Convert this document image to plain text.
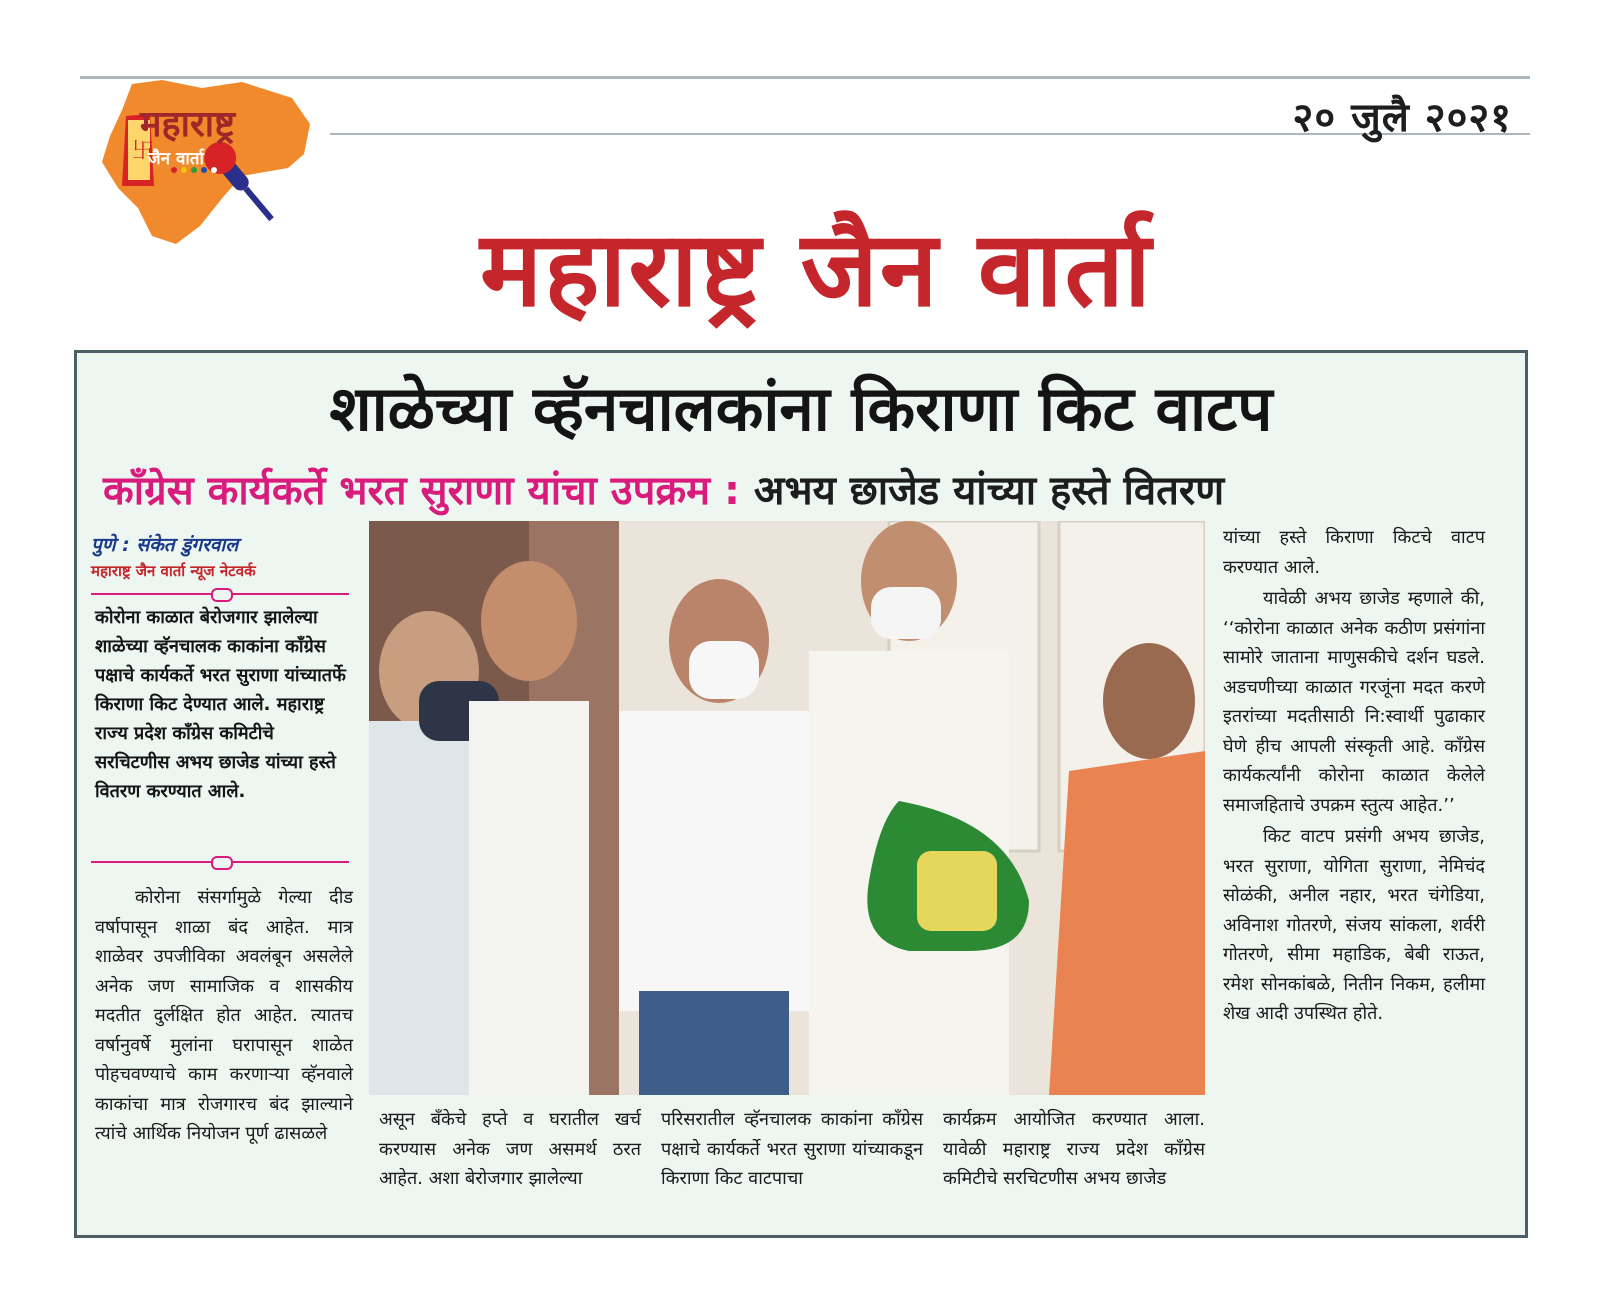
卐
महाराष्ट्र
जैन वार्ता
२० जुलै २०२१
महाराष्ट्र जैन वार्ता
शाळेच्या व्हॅनचालकांना किराणा किट वाटप
काँग्रेस कार्यकर्ते भरत सुराणा यांचा उपक्रम : अभय छाजेड यांच्या हस्ते वितरण
पुणे : संकेत डुंगरवाल
महाराष्ट्र जैन वार्ता न्यूज नेटवर्क
कोरोना काळात बेरोजगार झालेल्या शाळेच्या व्हॅनचालक काकांना काँग्रेस पक्षाचे कार्यकर्ते भरत सुराणा यांच्यातर्फे किराणा किट देण्यात आले. महाराष्ट्र राज्य प्रदेश काँग्रेस कमिटीचे सरचिटणीस अभय छाजेड यांच्या हस्ते वितरण करण्यात आले.
कोरोना संसर्गामुळे गेल्या दीड वर्षापासून शाळा बंद आहेत. मात्र शाळेवर उपजीविका अवलंबून असलेले अनेक जण सामाजिक व शासकीय मदतीत दुर्लक्षित होत आहेत. त्यातच वर्षानुवर्षे मुलांना घरापासून शाळेत पोहचवण्याचे काम करणाऱ्या व्हॅनवाले काकांचा मात्र रोजगारच बंद झाल्याने त्यांचे आर्थिक नियोजन पूर्ण ढासळले
असून बँकेचे हप्ते व घरातील खर्च करण्यास अनेक जण असमर्थ ठरत आहेत. अशा बेरोजगार झालेल्या
परिसरातील व्हॅनचालक काकांना काँग्रेस पक्षाचे कार्यकर्ते भरत सुराणा यांच्याकडून किराणा किट वाटपाचा
कार्यक्रम आयोजित करण्यात आला. यावेळी महाराष्ट्र राज्य प्रदेश काँग्रेस कमिटीचे सरचिटणीस अभय छाजेड

यांच्या हस्ते किराणा किटचे वाटप करण्यात आले.

यावेळी अभय छाजेड म्हणाले की, ‘‘कोरोना काळात अनेक कठीण प्रसंगांना सामोरे जाताना माणुसकीचे दर्शन घडले. अडचणीच्या काळात गरजूंना मदत करणे इतरांच्या मदतीसाठी नि:स्वार्थी पुढाकार घेणे हीच आपली संस्कृती आहे. काँग्रेस कार्यकर्त्यांनी कोरोना काळात केलेले समाजहिताचे उपक्रम स्तुत्य आहेत.’’

किट वाटप प्रसंगी अभय छाजेड, भरत सुराणा, योगिता सुराणा, नेमिचंद सोळंकी, अनील नहार, भरत चंगेडिया, अविनाश गोतरणे, संजय सांकला, शर्वरी गोतरणे, सीमा महाडिक, बेबी राऊत, रमेश सोनकांबळे, नितीन निकम, हलीमा शेख आदी उपस्थित होते.
